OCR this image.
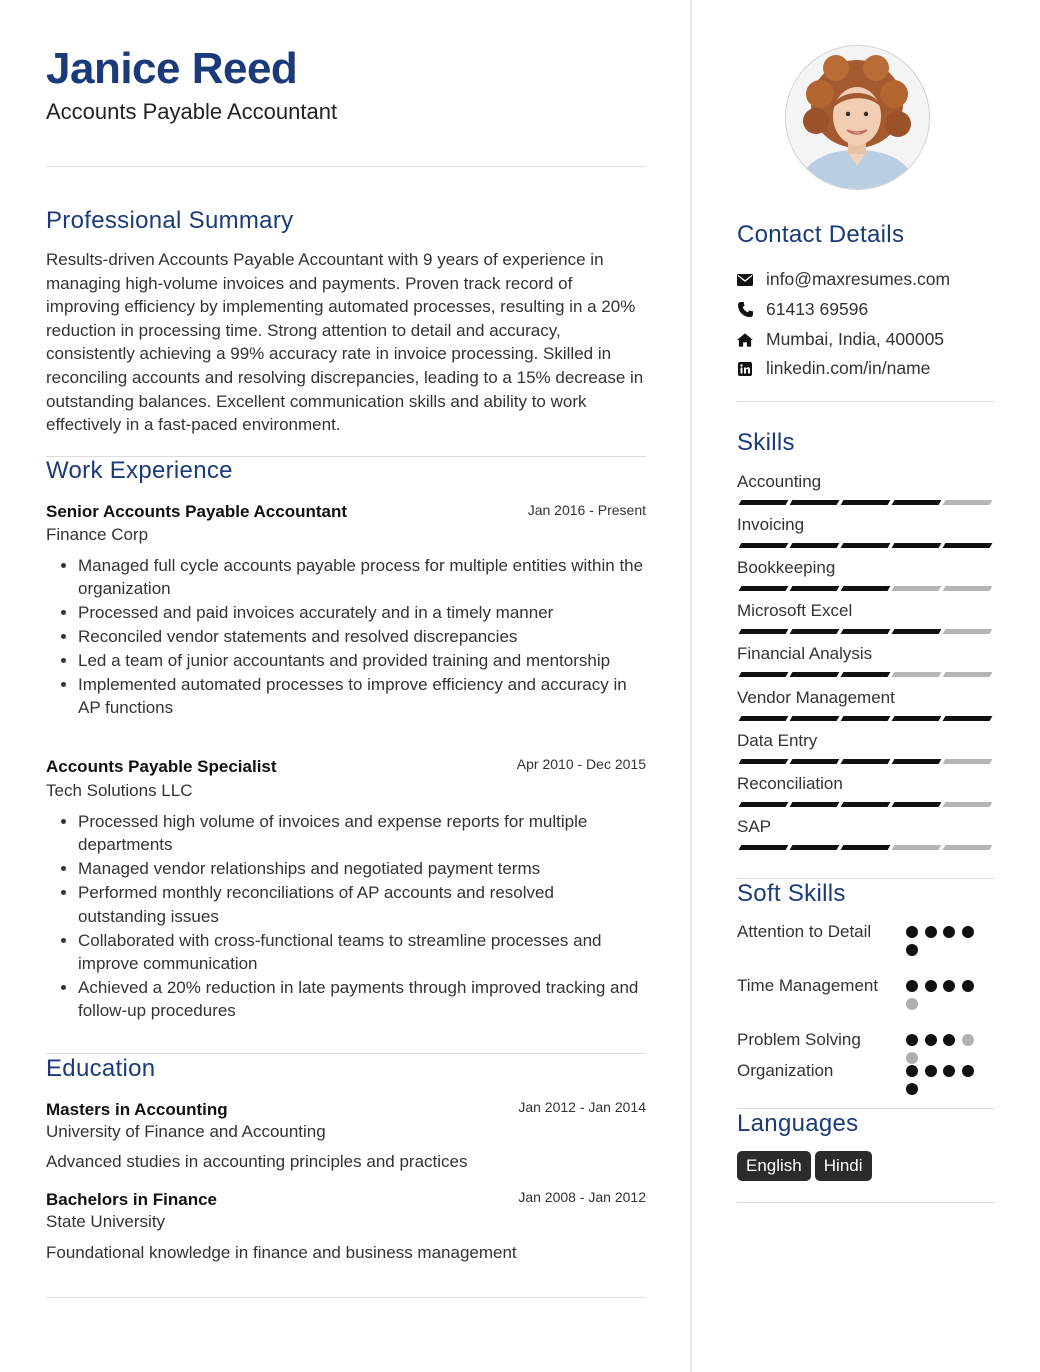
Janice Reed
Accounts Payable Accountant
Professional Summary
Results-driven Accounts Payable Accountant with 9 years of experience in managing high-volume invoices and payments. Proven track record of improving efficiency by implementing automated processes, resulting in a 20% reduction in processing time. Strong attention to detail and accuracy, consistently achieving a 99% accuracy rate in invoice processing. Skilled in reconciling accounts and resolving discrepancies, leading to a 15% decrease in outstanding balances. Excellent communication skills and ability to work effectively in a fast-paced environment.
Work Experience
Senior Accounts Payable Accountant	Jan 2016 - Present
Finance Corp
• Managed full cycle accounts payable process for multiple entities within the organization
• Processed and paid invoices accurately and in a timely manner
• Reconciled vendor statements and resolved discrepancies
• Led a team of junior accountants and provided training and mentorship
• Implemented automated processes to improve efficiency and accuracy in AP functions
Accounts Payable Specialist	Apr 2010 - Dec 2015
Tech Solutions LLC
• Processed high volume of invoices and expense reports for multiple departments
• Managed vendor relationships and negotiated payment terms
• Performed monthly reconciliations of AP accounts and resolved outstanding issues
• Collaborated with cross-functional teams to streamline processes and improve communication
• Achieved a 20% reduction in late payments through improved tracking and follow-up procedures
Education
Masters in Accounting	Jan 2012 - Jan 2014
University of Finance and Accounting
Advanced studies in accounting principles and practices
Bachelors in Finance	Jan 2008 - Jan 2012
State University
Foundational knowledge in finance and business management
Contact Details
info@maxresumes.com
61413 69596
Mumbai, India, 400005
linkedin.com/in/name
Skills
Accounting
Invoicing
Bookkeeping
Microsoft Excel
Financial Analysis
Vendor Management
Data Entry
Reconciliation
SAP
Soft Skills
Attention to Detail
Time Management
Problem Solving
Organization
Languages
English Hindi
